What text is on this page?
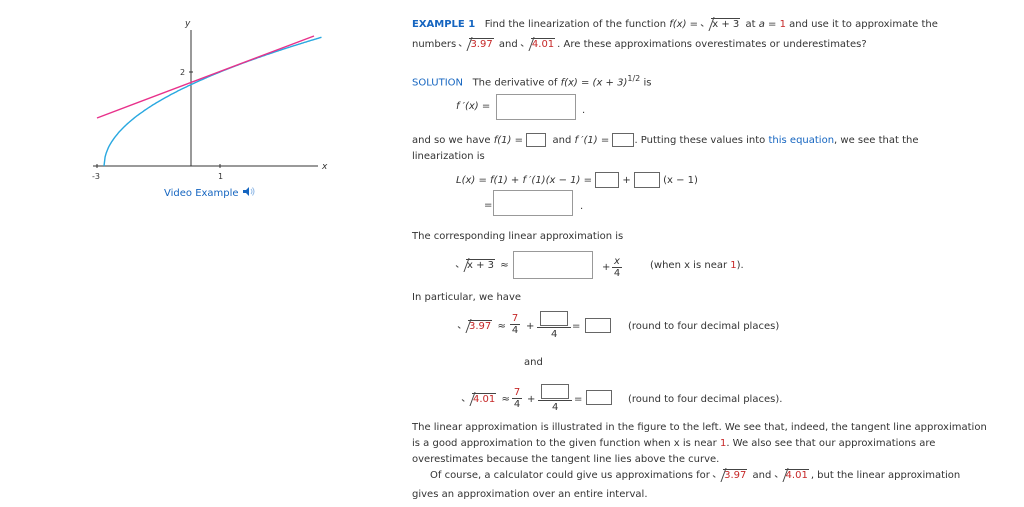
y
x
2
-3	1
Video Example
EXAMPLE 1 Find the linearization of the function f(x) = x + 3 at a = 1 and use it to approximate the
numbers 3.97 and 4.01 . Are these approximations overestimates or underestimates?
SOLUTION The derivative of $f(x) = (x + 3)^{1/2}$ is
f ′(x) =	.
and so we have f(1) =	and f ′(1) =	. Putting these values into this equation, we see that the
linearization is
L(x) = f(1) + f ′(1)(x − 1) =	+	(x − 1)
=	.
The corresponding linear approximation is
x + 3 ≈	+ $\frac{x}{4}$	(when x is near 1).
In particular, we have
$3.97 \approx \frac{7}{4}$ +
4
=	(round to four decimal places)
and
$4.01 \approx \frac{7}{4}$ +
4
=	(round to four decimal places).
The linear approximation is illustrated in the figure to the left. We see that, indeed, the tangent line approximation
is a good approximation to the given function when x is near 1. We also see that our approximations are
overestimates because the tangent line lies above the curve.
Of course, a calculator could give us approximations for 3.97 and 4.01 , but the linear approximation
gives an approximation over an entire interval.
